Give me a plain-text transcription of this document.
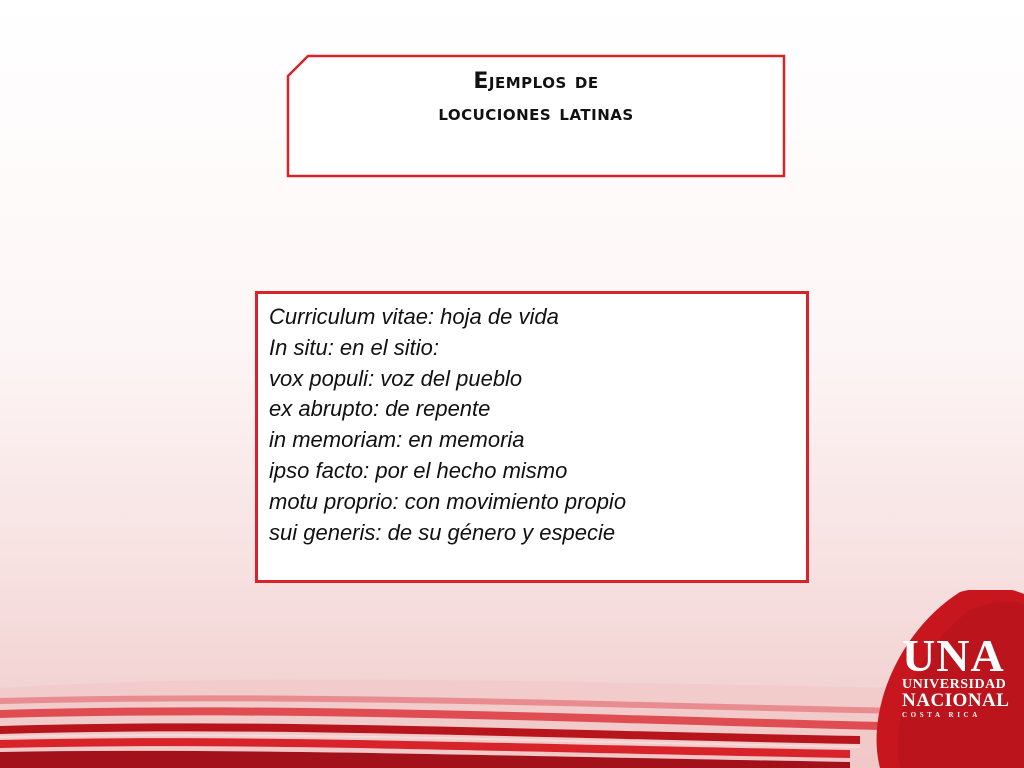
Ejemplos de
locuciones latinas
Curriculum vitae: hoja de vida
In situ: en el sitio:
vox populi: voz del pueblo
ex abrupto: de repente
in memoriam: en memoria
ipso facto: por el hecho mismo
motu proprio: con movimiento propio
sui generis: de su género y especie
UNA
UNIVERSIDAD
NACIONAL
COSTA RICA
